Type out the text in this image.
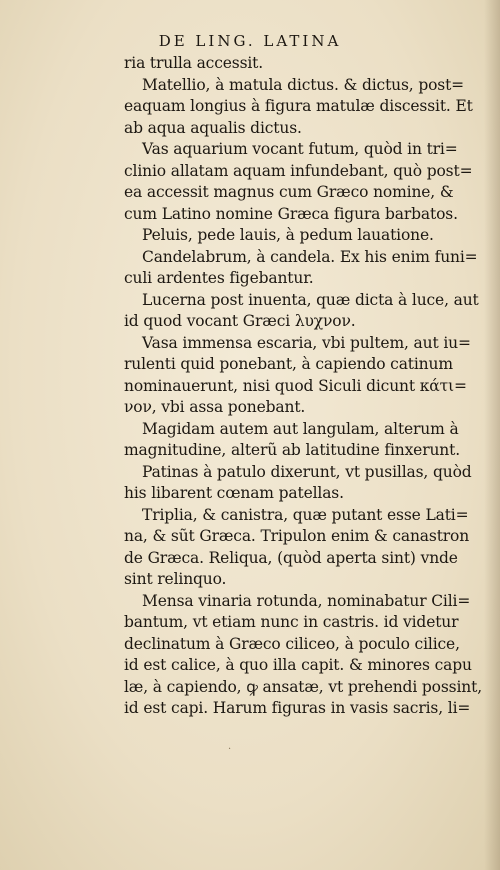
DE LING. LATINA
ria trulla accessit.
Matellio, à matula dictus. & dictus, post=
eaquam longius à figura matulæ discessit. Et
ab aqua aqualis dictus.
Vas aquarium vocant futum, quòd in tri=
clinio allatam aquam infundebant, quò post=
ea accessit magnus cum Græco nomine, &
cum Latino nomine Græca figura barbatos.
Peluis, pede lauis, à pedum lauatione.
Candelabrum, à candela. Ex his enim funi=
culi ardentes figebantur.
Lucerna post inuenta, quæ dicta à luce, aut
id quod vocant Græci λυχνον.
Vasa immensa escaria, vbi pultem, aut iu=
rulenti quid ponebant, à capiendo catinum
nominauerunt, nisi quod Siculi dicunt κάτι=
νον, vbi assa ponebant.
Magidam autem aut langulam, alterum à
magnitudine, alterũ ab latitudine finxerunt.
Patinas à patulo dixerunt, vt pusillas, quòd
his libarent cœnam patellas.
Triplia, & canistra, quæ putant esse Lati=
na, & sũt Græca. Tripulon enim & canastron
de Græca. Reliqua, (quòd aperta sint) vnde
sint relinquo.
Mensa vinaria rotunda, nominabatur Cili=
bantum, vt etiam nunc in castris. id videtur
declinatum à Græco ciliceo, à poculo cilice,
id est calice, à quo illa capit. & minores capu
læ, à capiendo, ꝙ ansatæ, vt prehendi possint,
id est capi. Harum figuras in vasis sacris, li=
·
